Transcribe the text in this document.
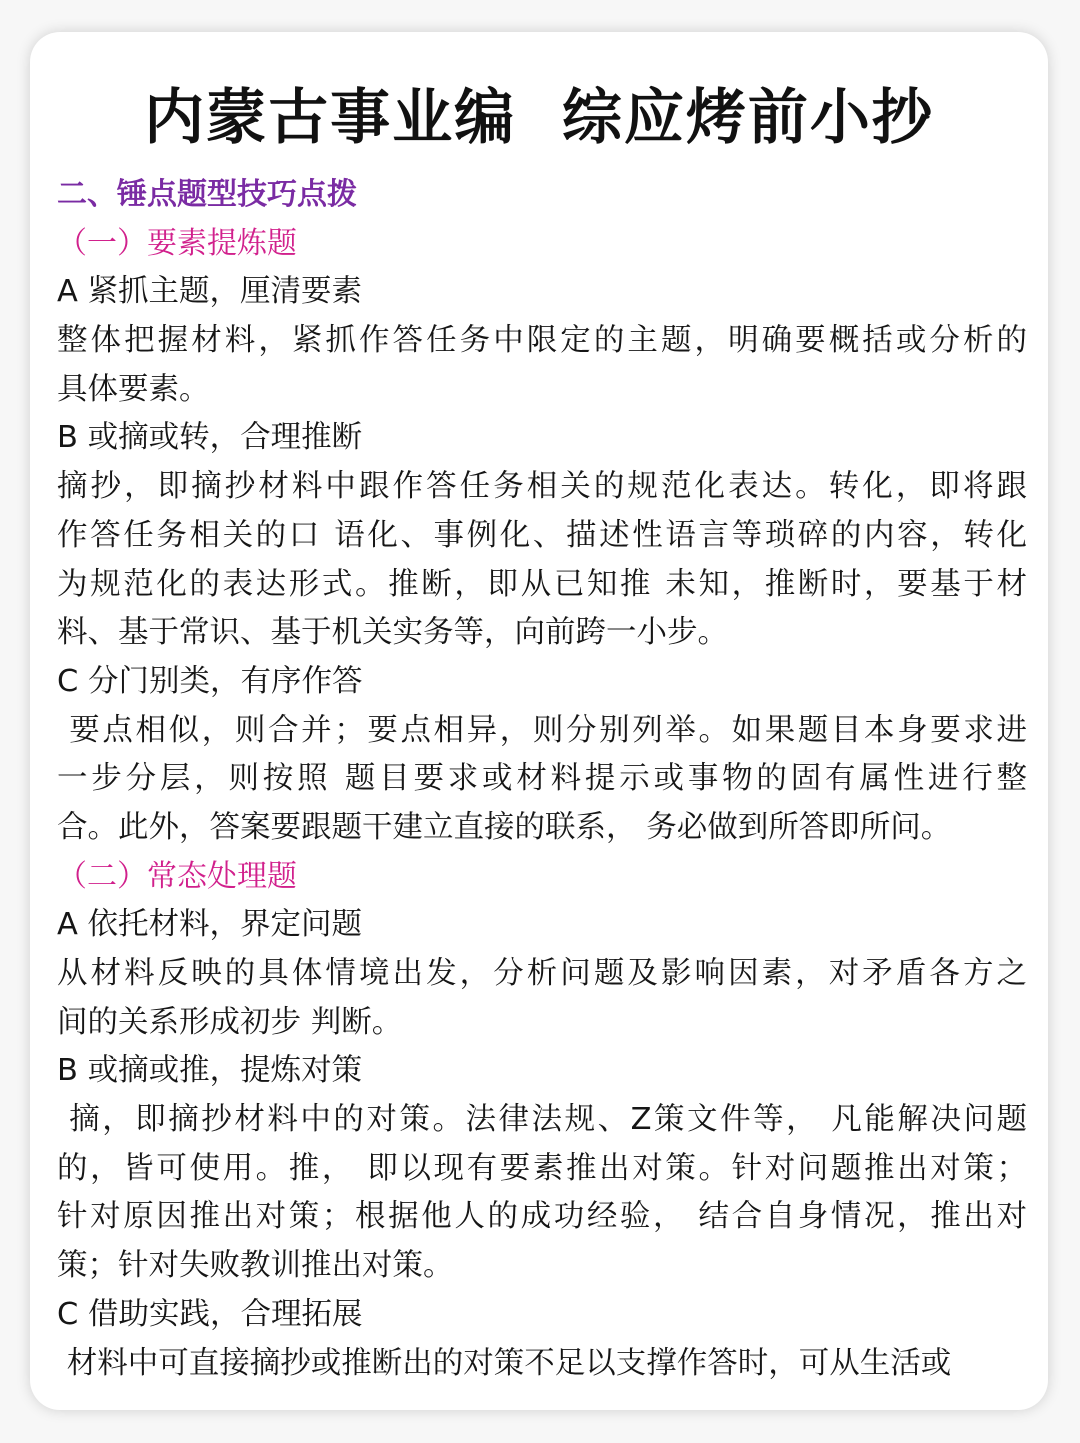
内蒙古事业编  综应烤前小抄
二、锤点题型技巧点拨
（一）要素提炼题
A 紧抓主题，厘清要素
整体把握材料，紧抓作答任务中限定的主题，明确要概括或分析的
具体要素。
B 或摘或转，合理推断
摘抄，即摘抄材料中跟作答任务相关的规范化表达。转化，即将跟
作答任务相关的口 语化、事例化、描述性语言等琐碎的内容，转化
为规范化的表达形式。推断，即从已知推 未知，推断时，要基于材
料、基于常识、基于机关实务等，向前跨一小步。
C 分门别类，有序作答
要点相似，则合并；要点相异，则分别列举。如果题目本身要求进
一步分层，则按照 题目要求或材料提示或事物的固有属性进行整
合。此外，答案要跟题干建立直接的联系， 务必做到所答即所问。
（二）常态处理题
A 依托材料，界定问题
从材料反映的具体情境出发，分析问题及影响因素，对矛盾各方之
间的关系形成初步 判断。
B 或摘或推，提炼对策
摘，即摘抄材料中的对策。法律法规、Z策文件等， 凡能解决问题
的，皆可使用。推， 即以现有要素推出对策。针对问题推出对策；
针对原因推出对策；根据他人的成功经验， 结合自身情况，推出对
策；针对失败教训推出对策。
C 借助实践，合理拓展
材料中可直接摘抄或推断出的对策不足以支撑作答时，可从生活或
